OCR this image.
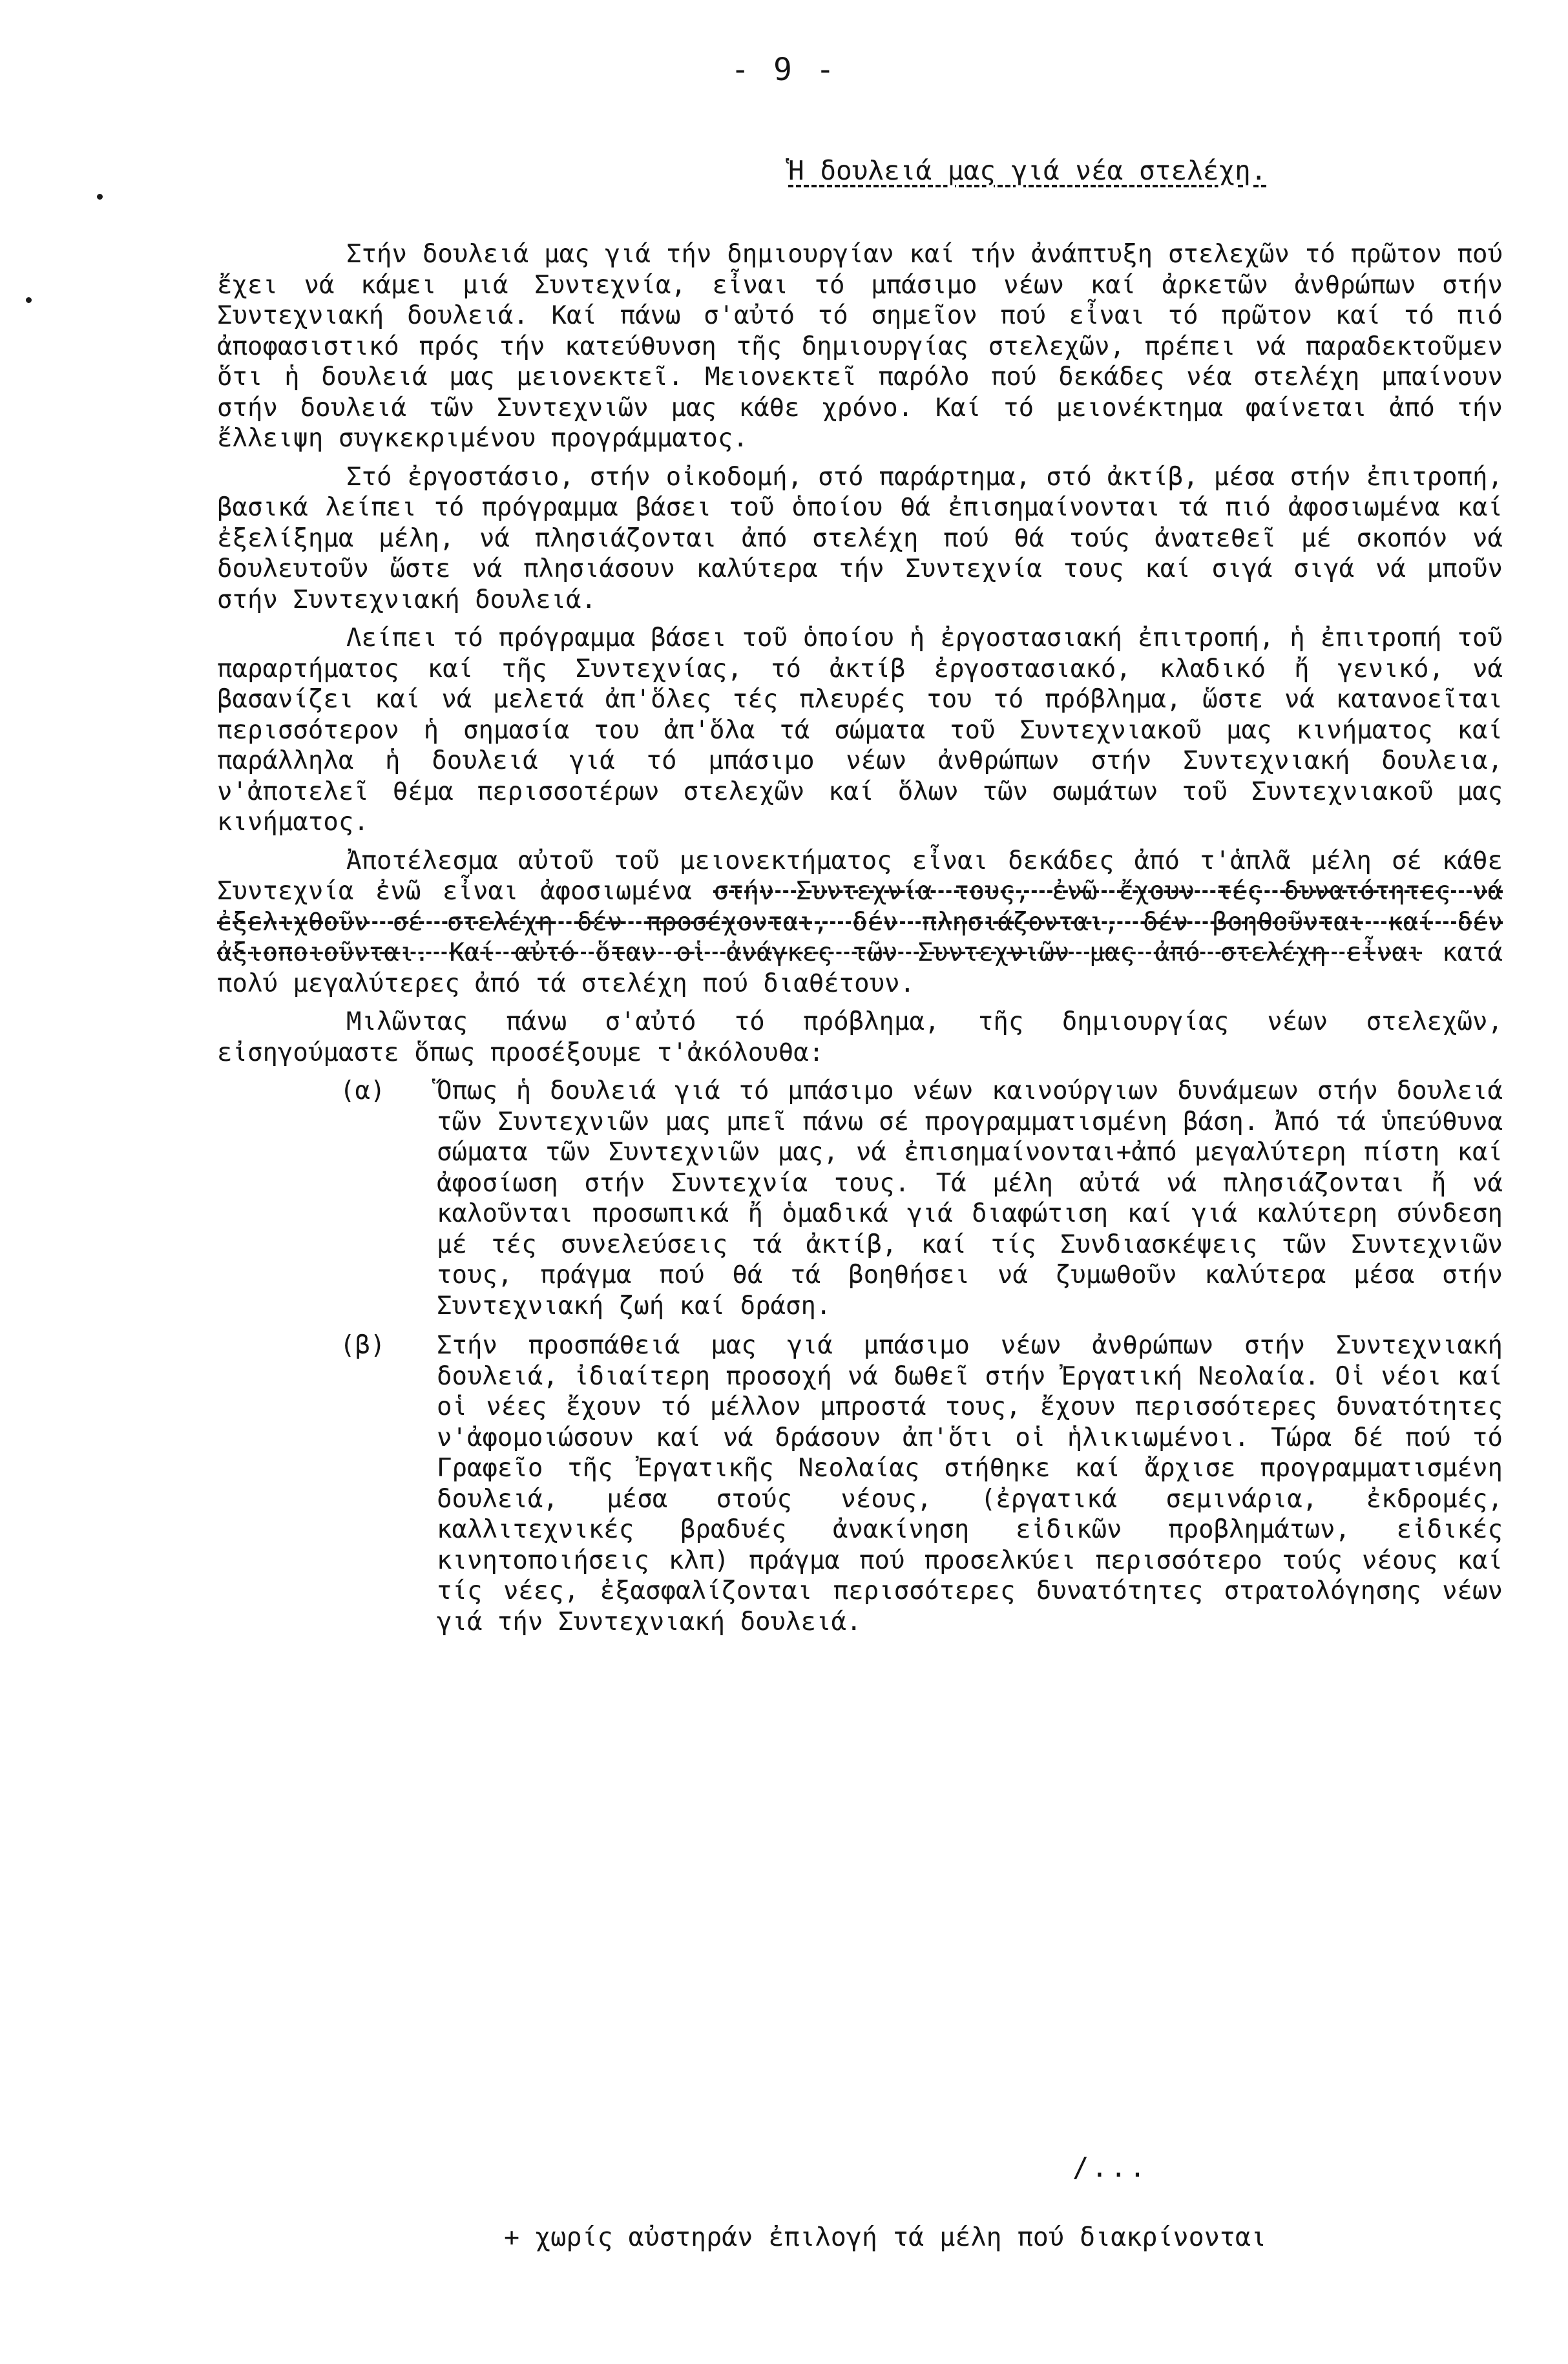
- 9 -
Ἡ δουλειά μας γιά νέα στελέχη.

Στήν δουλειά μας γιά τήν δημιουργίαν καί τήν ἀνάπτυξη στελεχῶν τό πρῶτον πού ἔχει νά κάμει μιά Συντεχνία, εἶναι τό μπάσιμο νέων καί ἀρκετῶν ἀνθρώπων στήν Συντεχνιακή δουλειά. Καί πάνω σ'αὐτό τό σημεῖον πού εἶναι τό πρῶτον καί τό πιό ἀποφασιστικό πρός τήν κατεύθυνση τῆς δημιουργίας στελεχῶν, πρέπει νά παραδεκτοῦμεν ὅτι ἡ δουλειά μας μειονεκτεῖ. Μειονεκτεῖ παρόλο πού δεκάδες νέα στελέχη μπαίνουν στήν δουλειά τῶν Συντεχνιῶν μας κάθε χρόνο. Καί τό μειονέκτημα φαίνεται ἀπό τήν ἔλλειψη συγκεκριμένου προγράμματος.

Στό ἐργοστάσιο, στήν οἰκοδομή, στό παράρτημα, στό ἀκτίβ, μέσα στήν ἐπιτροπή, βασικά λείπει τό πρόγραμμα βάσει τοῦ ὁποίου θά ἐπισημαίνονται τά πιό ἀφοσιωμένα καί ἐξελίξημα μέλη, νά πλησιάζονται ἀπό στελέχη πού θά τούς ἀνατεθεῖ μέ σκοπόν νά δουλευτοῦν ὥστε νά πλησιάσουν καλύτερα τήν Συντεχνία τους καί σιγά σιγά νά μποῦν στήν Συντεχνιακή δουλειά.

Λείπει τό πρόγραμμα βάσει τοῦ ὁποίου ἡ ἐργοστασιακή ἐπιτροπή, ἡ ἐπιτροπή τοῦ παραρτήματος καί τῆς Συντεχνίας, τό ἀκτίβ ἐργοστασιακό, κλαδικό ἤ γενικό, νά βασανίζει καί νά μελετά ἀπ'ὅλες τές πλευρές του τό πρόβλημα, ὥστε νά κατανοεῖται περισσότερον ἡ σημασία του ἀπ'ὅλα τά σώματα τοῦ Συντεχνιακοῦ μας κινήματος καί παράλληλα ἡ δουλειά γιά τό μπάσιμο νέων ἀνθρώπων στήν Συντεχνιακή δουλεια, ν'ἀποτελεῖ θέμα περισσοτέρων στελεχῶν καί ὅλων τῶν σωμάτων τοῦ Συντεχνιακοῦ μας κινήματος.

Ἀποτέλεσμα αὐτοῦ τοῦ μειονεκτήματος εἶναι δεκάδες ἀπό τ'ἁπλᾶ μέλη σέ κάθε Συντεχνία ἐνῶ εἶναι ἀφοσιωμένα στήν Συντεχνία τους, ἐνῶ ἔχουν τές δυνατότητες νά ἐξελιχθοῦν σέ στελέχη δέν προσέχονται, δέν πλησιάζονται, δέν βοηθοῦνται καί δέν ἀξιοποιοῦνται. Καί αὐτό ὅταν οἱ ἀνάγκες τῶν Συντεχνιῶν μας ἀπό στελέχη εἶναι κατά πολύ μεγαλύτερες ἀπό τά στελέχη πού διαθέτουν.

Μιλῶντας πάνω σ'αὐτό τό πρόβλημα, τῆς δημιουργίας νέων στελεχῶν, εἰσηγούμαστε ὅπως προσέξουμε τ'ἀκόλουθα:

(α)	Ὅπως ἡ δουλειά γιά τό μπάσιμο νέων καινούργιων δυνάμεων στήν δουλειά τῶν Συντεχνιῶν μας μπεῖ πάνω σέ προγραμματισμένη βάση. Ἀπό τά ὑπεύθυνα σώματα τῶν Συντεχνιῶν μας, νά ἐπισημαίνονται+ἀπό μεγαλύτερη πίστη καί ἀφοσίωση στήν Συντεχνία τους. Τά μέλη αὐτά νά πλησιάζονται ἤ νά καλοῦνται προσωπικά ἤ ὁμαδικά γιά διαφώτιση καί γιά καλύτερη σύνδεση μέ τές συνελεύσεις τά ἀκτίβ, καί τίς Συνδιασκέψεις τῶν Συντεχνιῶν τους, πράγμα πού θά τά βοηθήσει νά ζυμωθοῦν καλύτερα μέσα στήν Συντεχνιακή ζωή καί δράση.
(β)	Στήν προσπάθειά μας γιά μπάσιμο νέων ἀνθρώπων στήν Συντεχνιακή δουλειά, ἰδιαίτερη προσοχή νά δωθεῖ στήν Ἐργατική Νεολαία. Οἱ νέοι καί οἱ νέες ἔχουν τό μέλλον μπροστά τους, ἔχουν περισσότερες δυνατότητες ν'ἀφομοιώσουν καί νά δράσουν ἀπ'ὅτι οἱ ἡλικιωμένοι. Τώρα δέ πού τό Γραφεῖο τῆς Ἐργατικῆς Νεολαίας στήθηκε καί ἄρχισε προγραμματισμένη δουλειά, μέσα στούς νέους, (ἐργατικά σεμινάρια, ἐκδρομές, καλλιτεχνικές βραδυές ἀνακίνηση εἰδικῶν προβλημάτων, εἰδικές κινητοποιήσεις κλπ) πράγμα πού προσελκύει περισσότερο τούς νέους καί τίς νέες, ἐξασφαλίζονται περισσότερες δυνατότητες στρατολόγησης νέων γιά τήν Συντεχνιακή δουλειά.
/...
+ χωρίς αὐστηράν ἐπιλογή τά μέλη πού διακρίνονται
